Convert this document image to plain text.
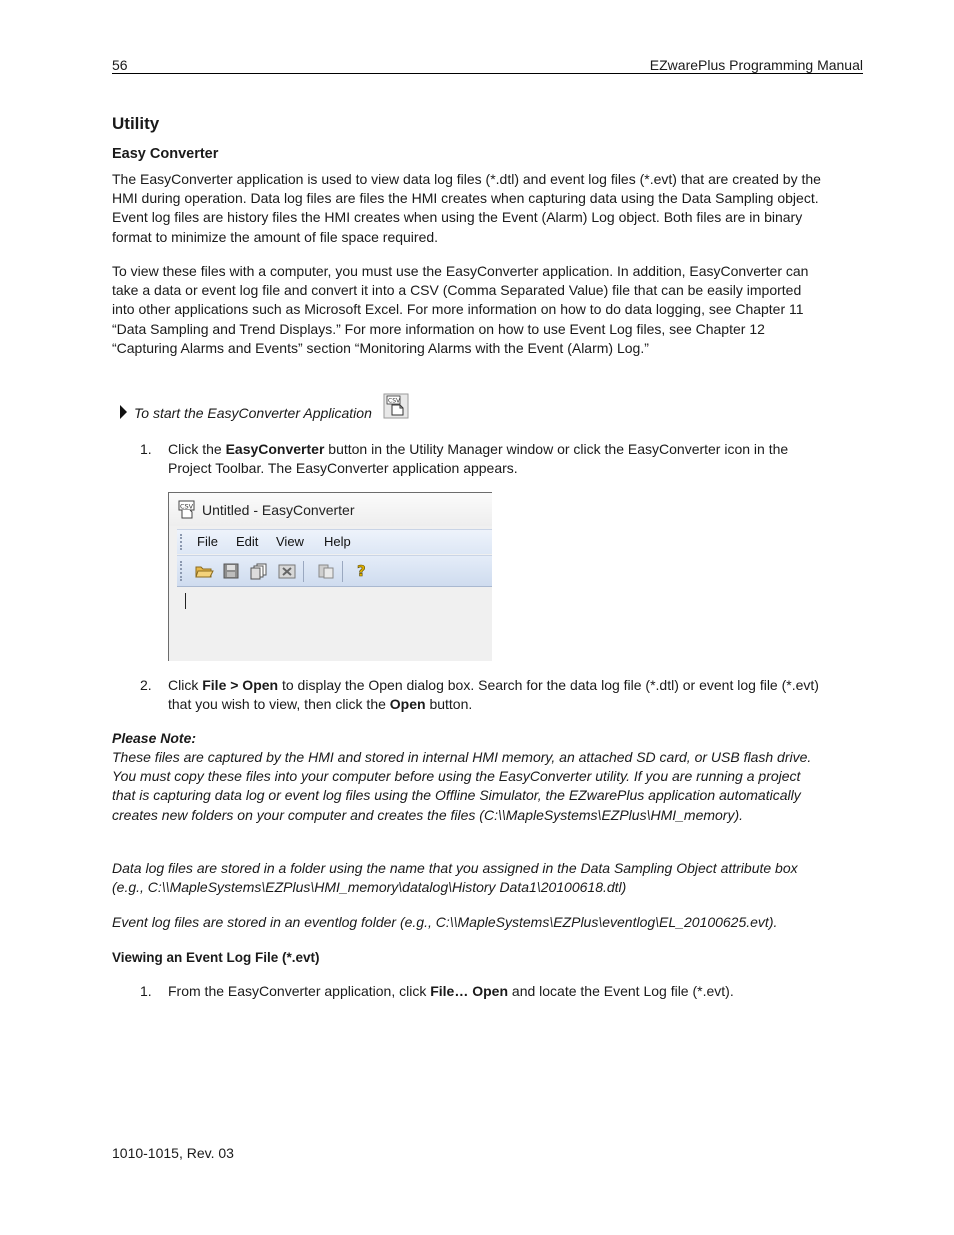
56	EZwarePlus Programming Manual
Utility
Easy Converter

The EasyConverter application is used to view data log files (*.dtl) and event log files (*.evt) that are created by the HMI during operation. Data log files are files the HMI creates when capturing data using the Data Sampling object. Event log files are history files the HMI creates when using the Event (Alarm) Log object. Both files are in binary format to minimize the amount of file space required.

To view these files with a computer, you must use the EasyConverter application. In addition, EasyConverter can take a data or event log file and convert it into a CSV (Comma Separated Value) file that can be easily imported into other applications such as Microsoft Excel. For more information on how to do data logging, see Chapter 11 “Data Sampling and Trend Displays.” For more information on how to use Event Log files, see Chapter 12 “Capturing Alarms and Events” section “Monitoring Alarms with the Event (Alarm) Log.”

To start the EasyConverter Application
CSV
1. Click the EasyConverter button in the Utility Manager window or click the EasyConverter icon in the Project Toolbar. The EasyConverter application appears.
CSV Untitled - EasyConverter
File Edit View Help
?
2. Click File > Open to display the Open dialog box. Search for the data log file (*.dtl) or event log file (*.evt) that you wish to view, then click the Open button.
Please Note:

These files are captured by the HMI and stored in internal HMI memory, an attached SD card, or USB flash drive. You must copy these files into your computer before using the EasyConverter utility. If you are running a project that is capturing data log or event log files using the Offline Simulator, the EZwarePlus application automatically creates new folders on your computer and creates the files (C:\\MapleSystems\EZPlus\HMI_memory).

Data log files are stored in a folder using the name that you assigned in the Data Sampling Object attribute box (e.g., C:\\MapleSystems\EZPlus\HMI_memory\datalog\History Data1\20100618.dtl)

Event log files are stored in an eventlog folder (e.g., C:\\MapleSystems\EZPlus\eventlog\EL_20100625.evt).

Viewing an Event Log File (*.evt)
1. From the EasyConverter application, click File… Open and locate the Event Log file (*.evt).
1010-1015, Rev. 03
